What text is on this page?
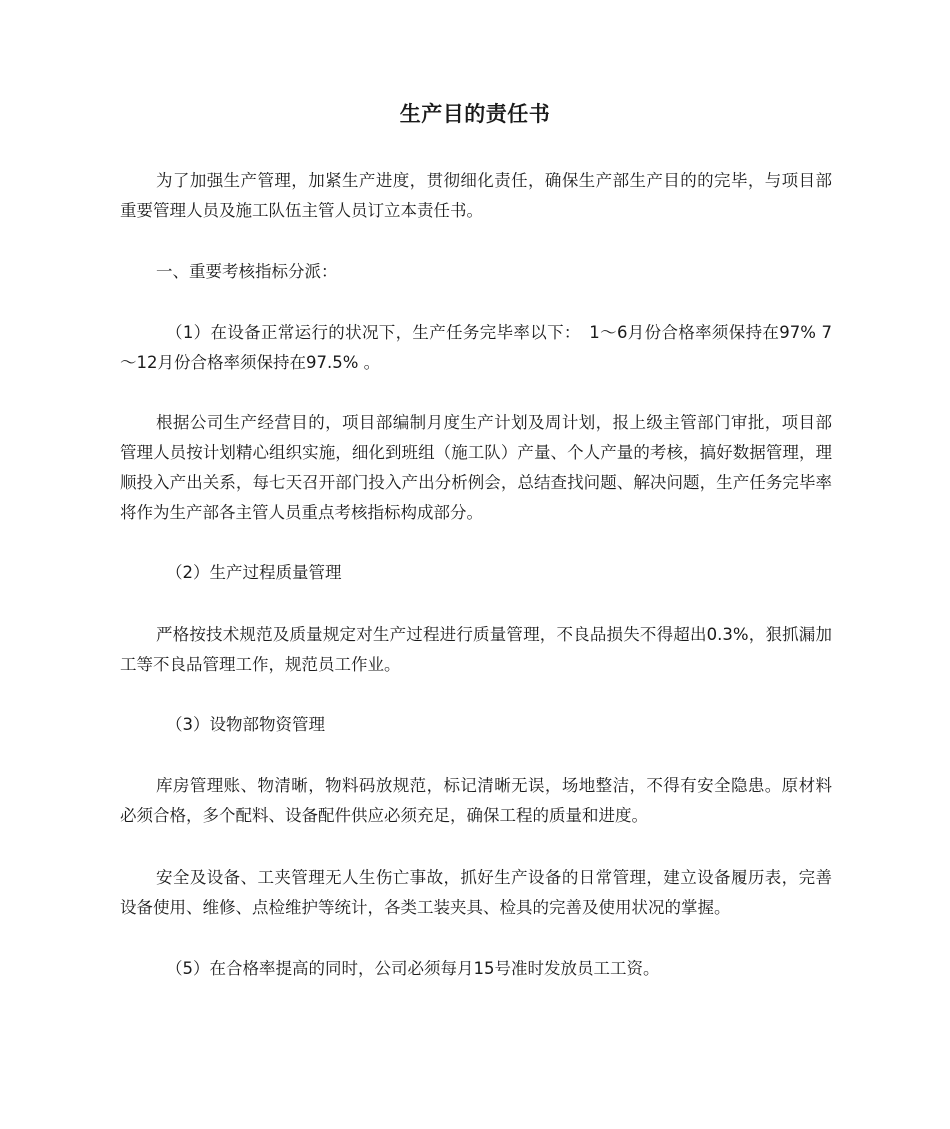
生产目的责任书
为了加强生产管理，加紧生产进度，贯彻细化责任，确保生产部生产目的的完毕，与项目部重要管理人员及施工队伍主管人员订立本责任书。
一、重要考核指标分派：
（1）在设备正常运行的状况下，生产任务完毕率以下：　1～6月份合格率须保持在97% 7～12月份合格率须保持在97.5% 。
根据公司生产经营目的，项目部编制月度生产计划及周计划，报上级主管部门审批，项目部管理人员按计划精心组织实施，细化到班组（施工队）产量、个人产量的考核，搞好数据管理，理顺投入产出关系，每七天召开部门投入产出分析例会，总结查找问题、解决问题，生产任务完毕率将作为生产部各主管人员重点考核指标构成部分。
（2）生产过程质量管理
严格按技术规范及质量规定对生产过程进行质量管理，不良品损失不得超出0.3%，狠抓漏加工等不良品管理工作，规范员工作业。
（3）设物部物资管理
库房管理账、物清晰，物料码放规范，标记清晰无误，场地整洁，不得有安全隐患。原材料必须合格，多个配料、设备配件供应必须充足，确保工程的质量和进度。
安全及设备、工夹管理无人生伤亡事故，抓好生产设备的日常管理，建立设备履历表，完善设备使用、维修、点检维护等统计，各类工装夹具、检具的完善及使用状况的掌握。
（5）在合格率提高的同时，公司必须每月15号准时发放员工工资。
